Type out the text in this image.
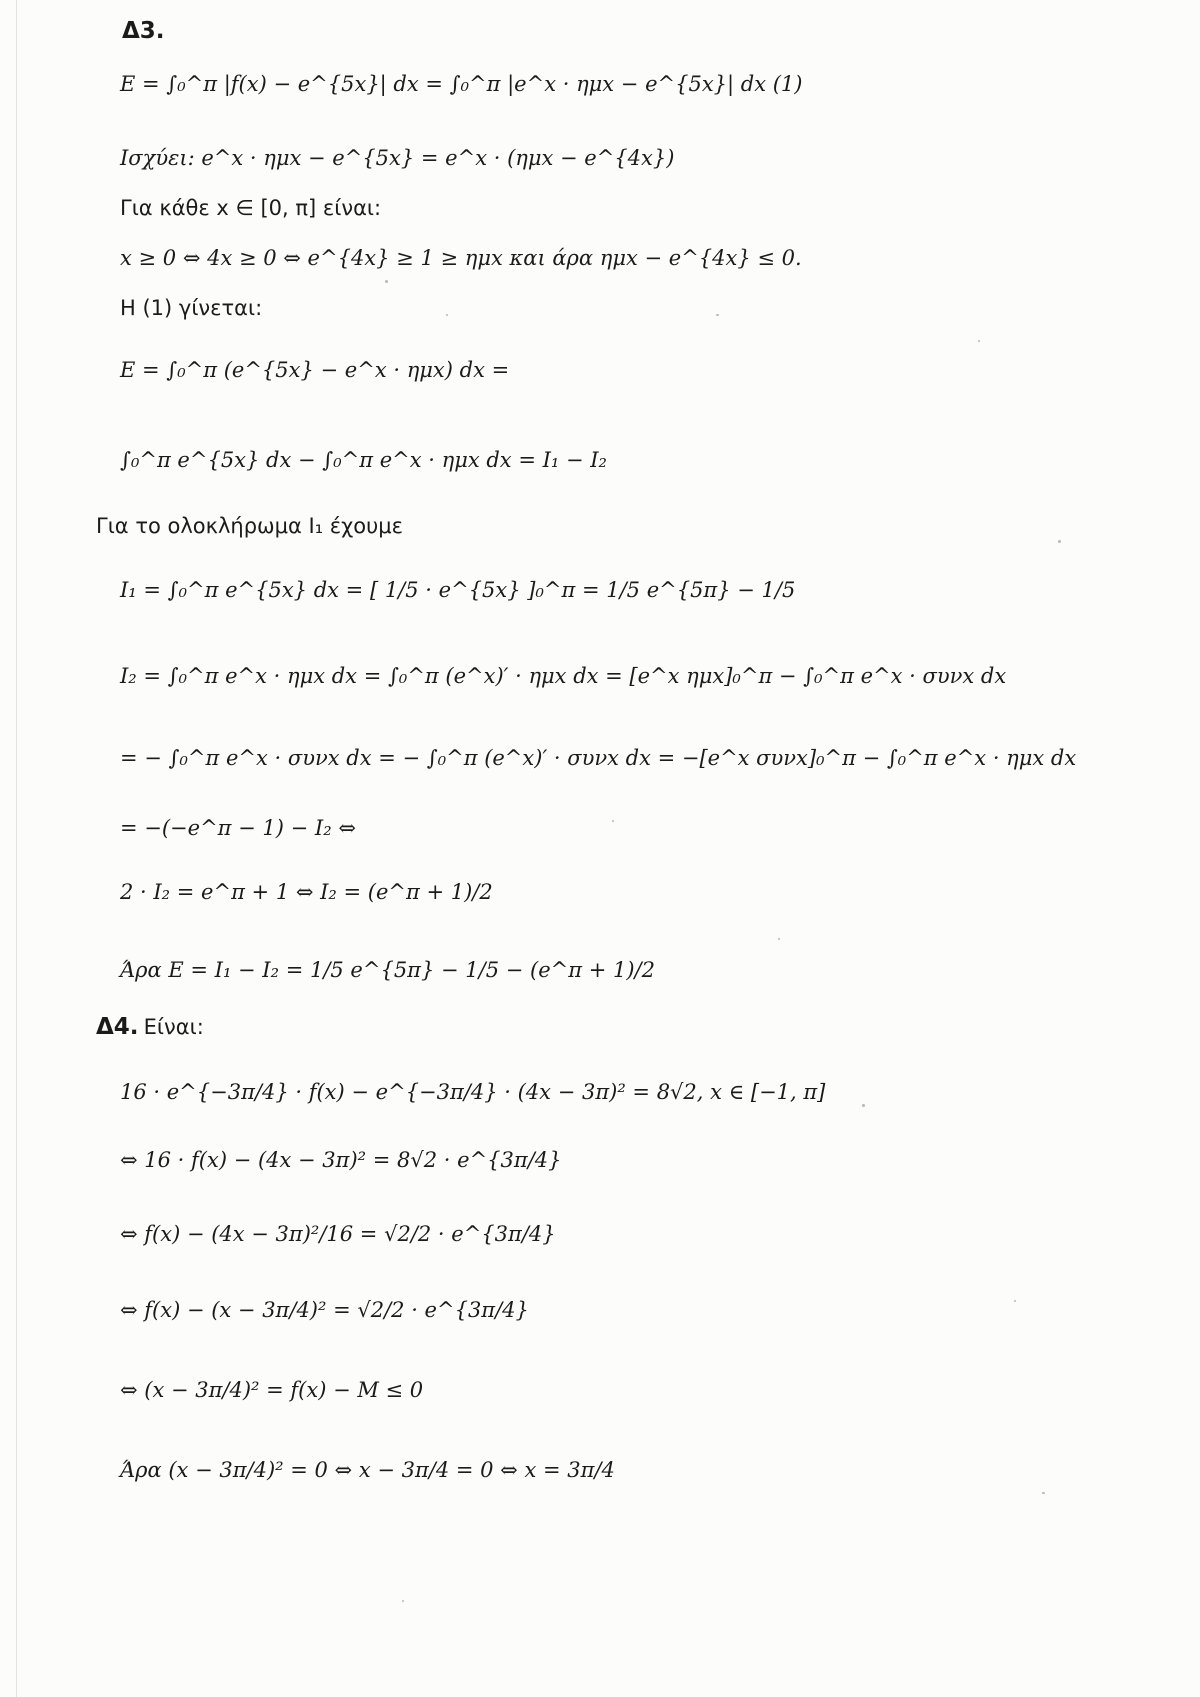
Δ3.
E = ∫₀^π |f(x) − e^{5x}| dx = ∫₀^π |e^x · ημx − e^{5x}| dx (1)
Ισχύει: e^x · ημx − e^{5x} = e^x · (ημx − e^{4x})
Για κάθε x ∈ [0, π] είναι:
x ≥ 0 ⇔ 4x ≥ 0 ⇔ e^{4x} ≥ 1 ≥ ημx και άρα ημx − e^{4x} ≤ 0.
Η (1) γίνεται:
E = ∫₀^π (e^{5x} − e^x · ημx) dx =
∫₀^π e^{5x} dx − ∫₀^π e^x · ημx dx = I₁ − I₂
Για το ολοκλήρωμα I₁ έχουμε
I₁ = ∫₀^π e^{5x} dx = [ 1/5 · e^{5x} ]₀^π = 1/5 e^{5π} − 1/5
I₂ = ∫₀^π e^x · ημx dx = ∫₀^π (e^x)′ · ημx dx = [e^x ημx]₀^π − ∫₀^π e^x · συνx dx
= − ∫₀^π e^x · συνx dx = − ∫₀^π (e^x)′ · συνx dx = −[e^x συνx]₀^π − ∫₀^π e^x · ημx dx
= −(−e^π − 1) − I₂ ⇔
2 · I₂ = e^π + 1 ⇔ I₂ = (e^π + 1)/2
Άρα E = I₁ − I₂ = 1/5 e^{5π} − 1/5 − (e^π + 1)/2
Δ4. Είναι:
16 · e^{−3π/4} · f(x) − e^{−3π/4} · (4x − 3π)² = 8√2, x ∈ [−1, π]
⇔ 16 · f(x) − (4x − 3π)² = 8√2 · e^{3π/4}
⇔ f(x) − (4x − 3π)²/16 = √2/2 · e^{3π/4}
⇔ f(x) − (x − 3π/4)² = √2/2 · e^{3π/4}
⇔ (x − 3π/4)² = f(x) − M ≤ 0
Άρα (x − 3π/4)² = 0 ⇔ x − 3π/4 = 0 ⇔ x = 3π/4
